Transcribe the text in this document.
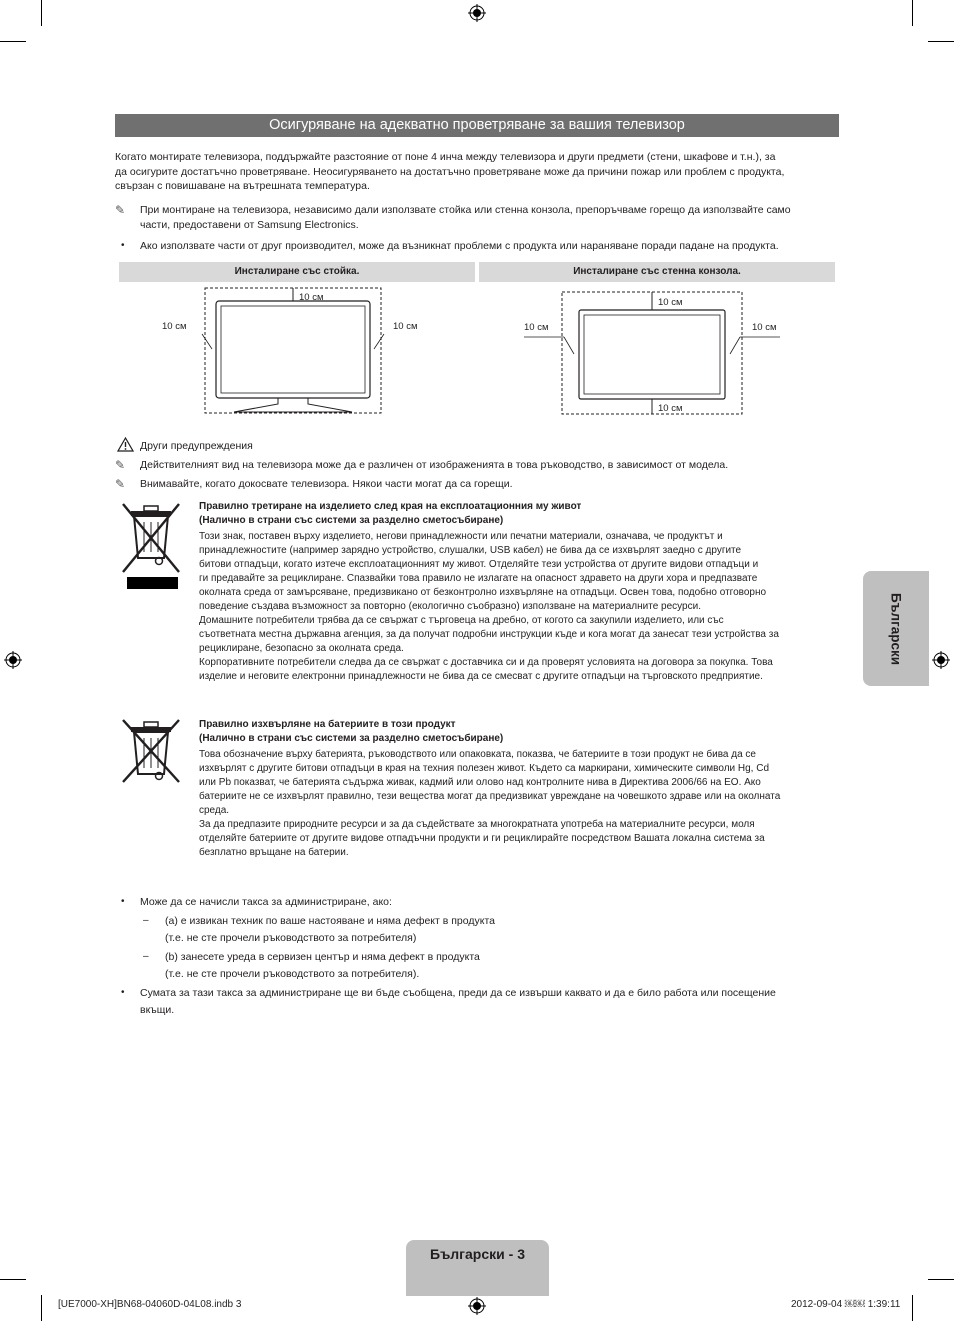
Осигуряване на адекватно проветряване за вашия телевизор
Когато монтирате телевизора, поддържайте разстояние от поне 4 инча между телевизора и други предмети (стени, шкафове и т.н.), за
да осигурите достатъчно проветряване. Неосигуряването на достатъчно проветряване може да причини пожар или проблем с продукта,
свързан с повишаване на вътрешната температура.
✎ При монтиране на телевизора, независимо дали използвате стойка или стенна конзола, препоръчваме горещо да използвайте само
части, предоставени от Samsung Electronics.
• Ако използвате части от друг производител, може да възникнат проблеми с продукта или нараняване поради падане на продукта.
Инсталиране със стойка.	Инсталиране със стенна конзола.
10 см
10 см	10 см
10 см
10 см	10 см
10 см
Други предупреждения
✎ Действителният вид на телевизора може да е различен от изображенията в това ръководство, в зависимост от модела.
✎ Внимавайте, когато докосвате телевизора. Някои части могат да са горещи.
Правилно третиране на изделието след края на експлоатационния му живот
(Налично в страни със системи за разделно сметосъбиране)
Този знак, поставен върху изделието, негови принадлежности или печатни материали, означава, че продуктът и
принадлежностите (например зарядно устройство, слушалки, USB кабел) не бива да се изхвърлят заедно с другите
битови отпадъци, когато изтече експлоатационният му живот. Отделяйте тези устройства от другите видови отпадъци и
ги предавайте за рециклиране. Спазвайки това правило не излагате на опасност здравето на други хора и предпазвате
околната среда от замърсяване, предизвикано от безконтролно изхвърляне на отпадъци. Освен това, подобно отговорно
поведение създава възможност за повторно (екологично съобразно) използване на материалните ресурси.
Домашните потребители трябва да се свържат с търговеца на дребно, от когото са закупили изделието, или със
съответната местна държавна агенция, за да получат подробни инструкции къде и кога могат да занесат тези устройства за
рециклиране, безопасно за околната среда.
Корпоративните потребители следва да се свържат с доставчика си и да проверят условията на договора за покупка. Това
изделие и неговите електронни принадлежности не бива да се смесват с другите отпадъци на търговското предприятие.
Правилно изхвърляне на батериите в този продукт
(Налично в страни със системи за разделно сметосъбиране)
Това обозначение върху батерията, ръководството или опаковката, показва, че батериите в този продукт не бива да се
изхвърлят с другите битови отпадъци в края на техния полезен живот. Където са маркирани, химическите символи Hg, Cd
или Pb показват, че батерията съдържа живак, кадмий или олово над контролните нива в Директива 2006/66 на ЕО. Ако
батериите не се изхвърлят правилно, тези вещества могат да предизвикат увреждане на човешкото здраве или на околната
среда.
За да предпазите природните ресурси и за да съдействате за многократната употреба на материалните ресурси, моля
отделяйте батериите от другите видове отпадъчни продукти и ги рециклирайте посредством Вашата локална система за
безплатно връщане на батерии.
• Може да се начисли такса за администриране, ако:
– (a) е извикан техник по ваше настояване и няма дефект в продукта
(т.е. не сте прочели ръководството за потребителя)
– (b) занесете уреда в сервизен център и няма дефект в продукта
(т.е. не сте прочели ръководството за потребителя).
• Сумата за тази такса за администриране ще ви бъде съобщена, преди да се извърши каквато и да е било работа или посещение
вкъщи.
Български
Български - 3
[UE7000-XH]BN68-04060D-04L08.indb 3	2012-09-04 ￼￼ 1:39:11
